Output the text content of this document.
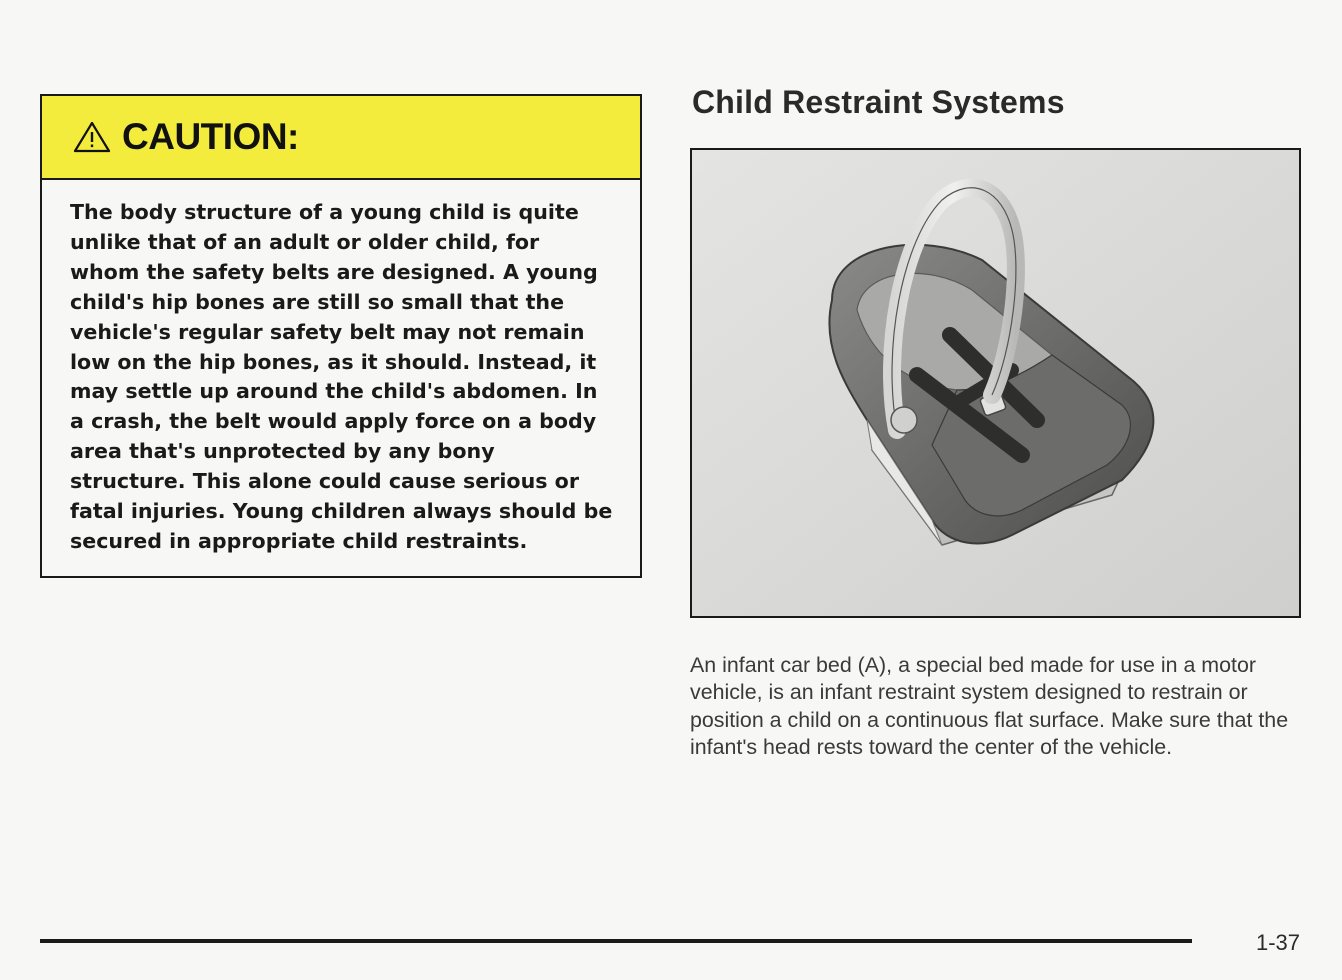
CAUTION:
The body structure of a young child is quite unlike that of an adult or older child, for whom the safety belts are designed. A young child's hip bones are still so small that the vehicle's regular safety belt may not remain low on the hip bones, as it should. Instead, it may settle up around the child's abdomen. In a crash, the belt would apply force on a body area that's unprotected by any bony structure. This alone could cause serious or fatal injuries. Young children always should be secured in appropriate child restraints.
Child Restraint Systems

An infant car bed (A), a special bed made for use in a motor vehicle, is an infant restraint system designed to restrain or position a child on a continuous flat surface. Make sure that the infant's head rests toward the center of the vehicle.

1-37
